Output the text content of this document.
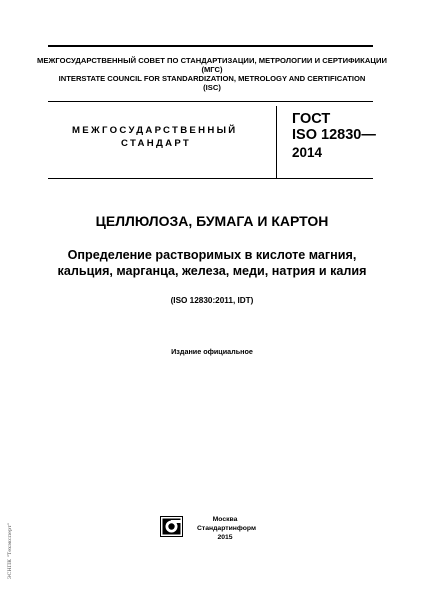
МЕЖГОСУДАРСТВЕННЫЙ СОВЕТ ПО СТАНДАРТИЗАЦИИ, МЕТРОЛОГИИ И СЕРТИФИКАЦИИ
(МГС)
INTERSTATE COUNCIL FOR STANDARDIZATION, METROLOGY AND CERTIFICATION
(ISC)
МЕЖГОСУДАРСТВЕННЫЙ
СТАНДАРТ
ГОСТ
ISO 12830—
2014
ЦЕЛЛЮЛОЗА, БУМАГА И КАРТОН
Определение растворимых в кислоте магния,
кальция, марганца, железа, меди, натрия и калия
(ISO 12830:2011, IDT)
Издание официальное
Москва
Стандартинформ
2015
ЭСНПК "Техэксперт"
